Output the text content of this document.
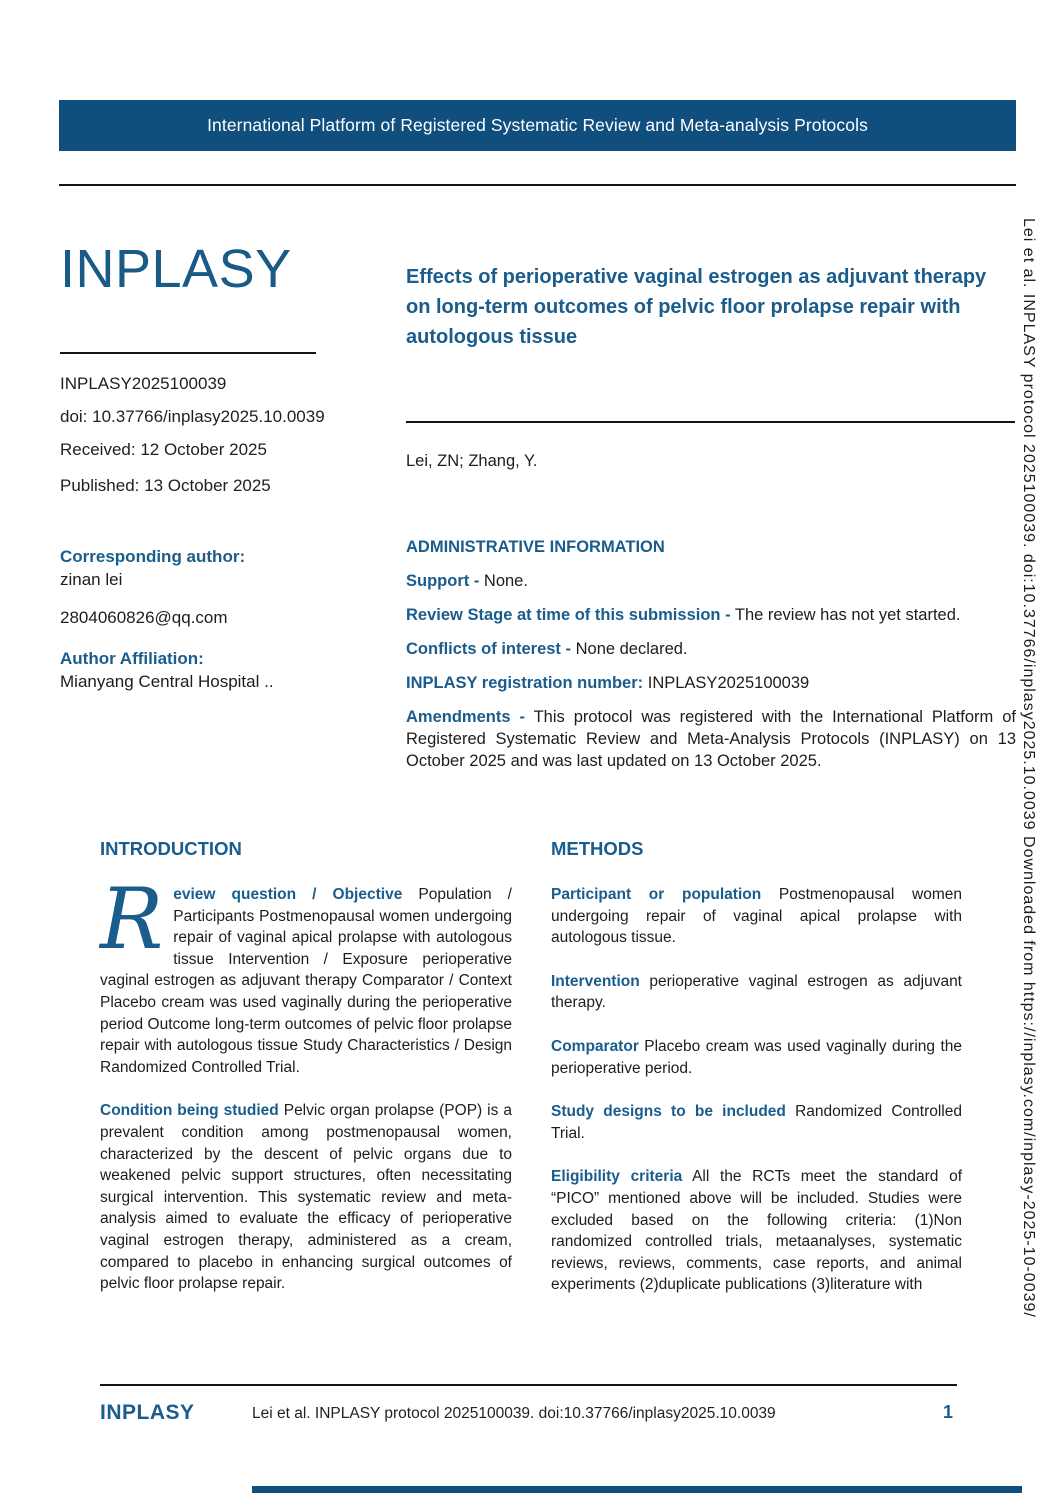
International Platform of Registered Systematic Review and Meta-analysis Protocols
INPLASY
INPLASY2025100039
doi: 10.37766/inplasy2025.10.0039
Received: 12 October 2025
Published: 13 October 2025
Corresponding author:
zinan lei
2804060826@qq.com
Author Affiliation:
Mianyang Central Hospital ..
Effects of perioperative vaginal estrogen as adjuvant therapy on long-term outcomes of pelvic floor prolapse repair with autologous tissue
Lei, ZN; Zhang, Y.
ADMINISTRATIVE INFORMATION

Support - None.

Review Stage at time of this submission - The review has not yet started.

Conflicts of interest - None declared.

INPLASY registration number: INPLASY2025100039

Amendments - This protocol was registered with the International Platform of Registered Systematic Review and Meta-Analysis Protocols (INPLASY) on 13 October 2025 and was last updated on 13 October 2025.

INTRODUCTION

Review question / Objective Population / Participants Postmenopausal women undergoing repair of vaginal apical prolapse with autologous tissue Intervention / Exposure perioperative vaginal estrogen as adjuvant therapy Comparator / Context Placebo cream was used vaginally during the perioperative period Outcome long-term outcomes of pelvic floor prolapse repair with autologous tissue Study Characteristics / Design Randomized Controlled Trial.

Condition being studied Pelvic organ prolapse (POP) is a prevalent condition among postmenopausal women, characterized by the descent of pelvic organs due to weakened pelvic support structures, often necessitating surgical intervention. This systematic review and meta-analysis aimed to evaluate the efficacy of perioperative vaginal estrogen therapy, administered as a cream, compared to placebo in enhancing surgical outcomes of pelvic floor prolapse repair.

METHODS

Participant or population Postmenopausal women undergoing repair of vaginal apical prolapse with autologous tissue.

Intervention perioperative vaginal estrogen as adjuvant therapy.

Comparator Placebo cream was used vaginally during the perioperative period.

Study designs to be included Randomized Controlled Trial.

Eligibility criteria All the RCTs meet the standard of “PICO” mentioned above will be included. Studies were excluded based on the following criteria: (1)Non randomized controlled trials, metaanalyses, systematic reviews, reviews, comments, case reports, and animal experiments (2)duplicate publications (3)literature with

INPLASY	Lei et al. INPLASY protocol 2025100039. doi:10.37766/inplasy2025.10.0039	1
Lei et al. INPLASY protocol 2025100039. doi:10.37766/inplasy2025.10.0039 Downloaded from https://inplasy.com/inplasy-2025-10-0039/
